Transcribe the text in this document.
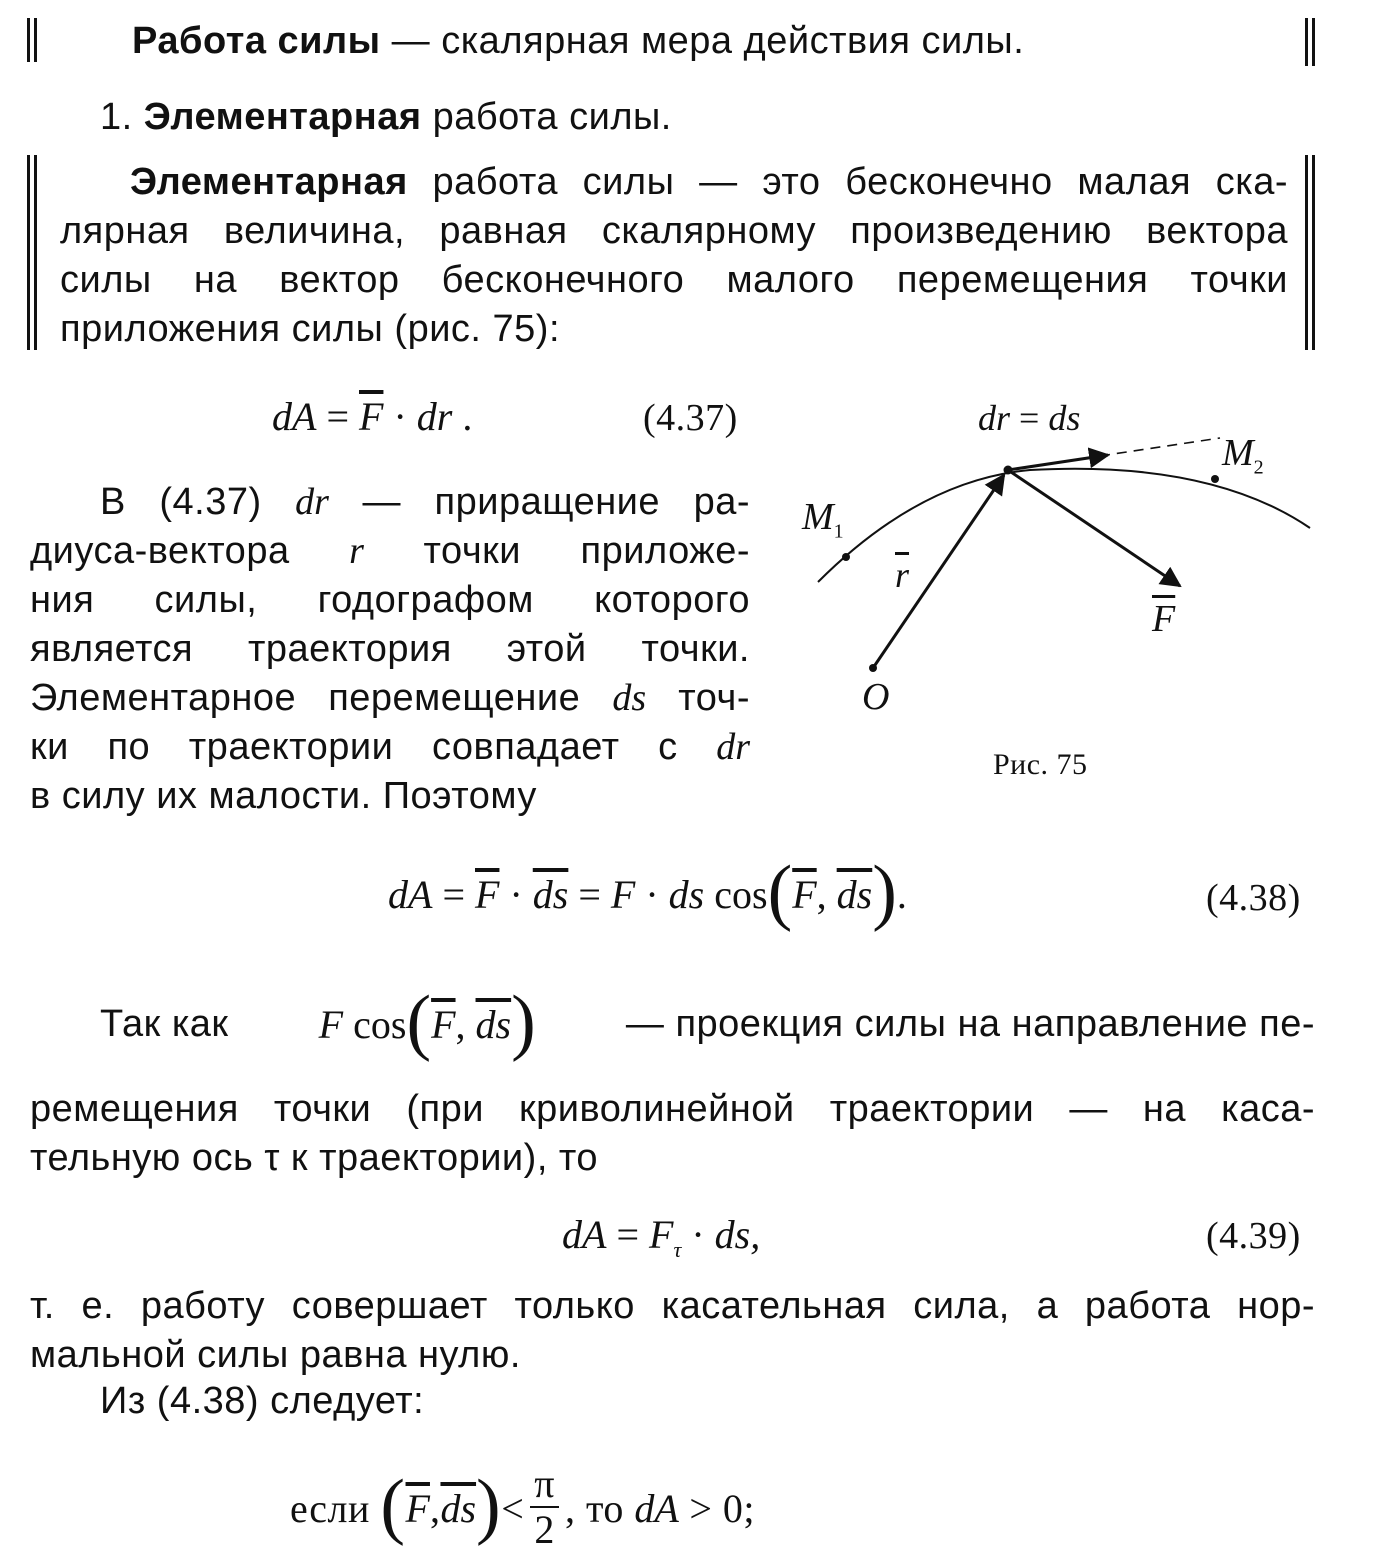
Работа силы — скалярная мера действия силы.
1. Элементарная работа силы.
Элементарная работа силы — это бесконечно малая ска-
лярная величина, равная скалярному произведению вектора
силы на вектор бесконечного малого перемещения точки
приложения силы (рис. 75):
dA = $\overline{F}$ · dr .	(4.37)
В (4.37) dr — приращение ра-
диуса-вектора r точки приложе-
ния силы, годографом которого
является траектория этой точки.
Элементарное перемещение ds точ-
ки по траектории совпадает с dr
в силу их малости. Поэтому
dr = ds
$M_1$
$M_2$
$\overline{r}$
$\overline{F}$
O
Рис. 75
dA = $\overline{F} \cdot \overline{ds} = F$ · ds $\cos(\overline{F}$, $\overline{ds}$).	(4.38)
Так как F $\cos(\overline{F}$, $\overline{ds}$) — проекция силы на направление пе-
ремещения точки (при криволинейной траектории — на каса-
тельную ось τ к траектории), то
dA = $F_\tau$ · ds,	(4.39)
т. е. работу совершает только касательная сила, а работа нор-
мальной силы равна нулю.
Из (4.38) следует:
если $(\overline{F},\overline{ds})< \frac{\pi}{2}$ , то dA > 0;
